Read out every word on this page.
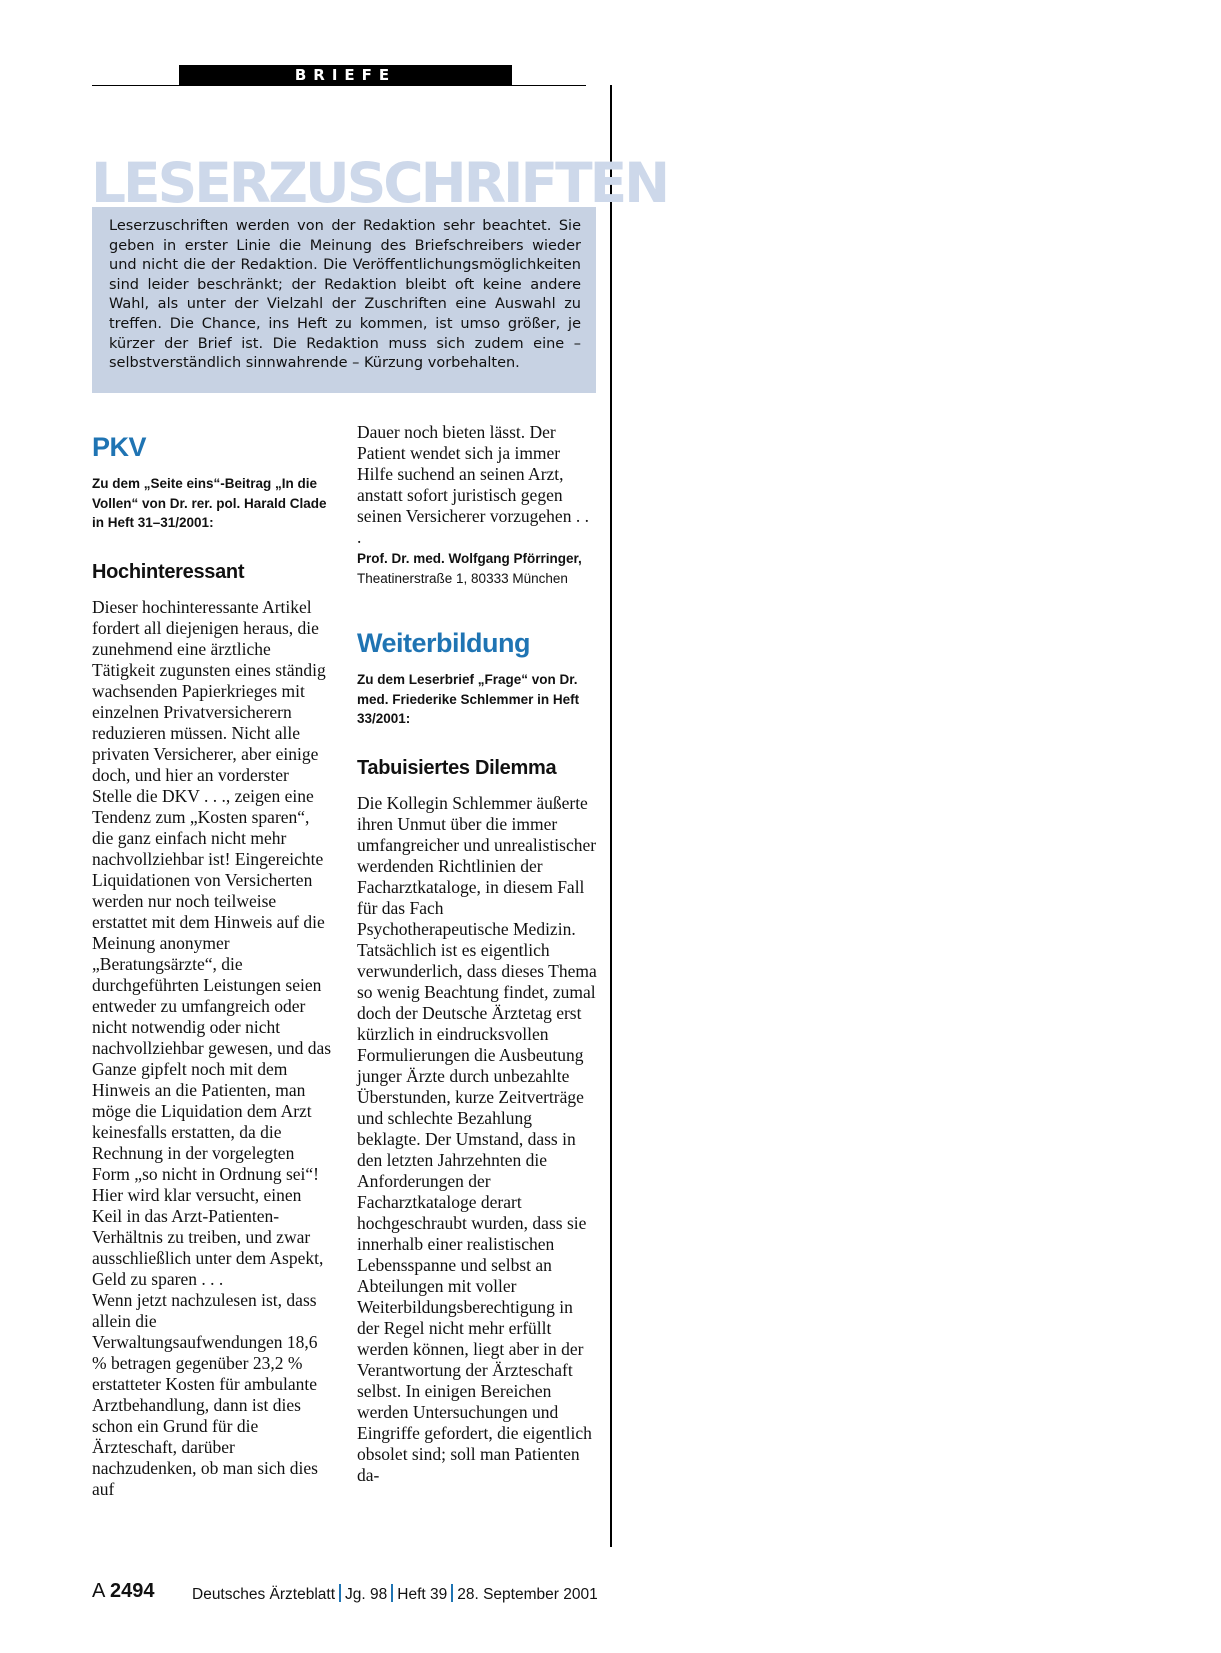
BRIEFE
LESERZUSCHRIFTEN
Leserzuschriften werden von der Redaktion sehr beachtet. Sie geben in erster Linie die Meinung des Briefschreibers wieder und nicht die der Redaktion. Die Veröffentlichungsmöglichkeiten sind leider beschränkt; der Redaktion bleibt oft keine andere Wahl, als unter der Vielzahl der Zuschriften eine Auswahl zu treffen. Die Chance, ins Heft zu kommen, ist umso größer, je kürzer der Brief ist. Die Redaktion muss sich zudem eine – selbstverständlich sinnwahrende – Kürzung vorbehalten.
PKV

Zu dem „Seite eins“-Beitrag „In die Vollen“ von Dr. rer. pol. Harald Clade in Heft 31–31/2001:

Hochinteressant

Dieser hochinteressante Artikel fordert all diejenigen heraus, die zunehmend eine ärztliche Tätigkeit zugunsten eines ständig wachsenden Papierkrieges mit einzelnen Privatversicherern reduzieren müssen. Nicht alle privaten Versicherer, aber einige doch, und hier an vorderster Stelle die DKV . . ., zeigen eine Tendenz zum „Kosten sparen“, die ganz einfach nicht mehr nachvollziehbar ist! Eingereichte Liquidationen von Versicherten werden nur noch teilweise erstattet mit dem Hinweis auf die Meinung anonymer „Beratungsärzte“, die durchgeführten Leistungen seien entweder zu umfangreich oder nicht notwendig oder nicht nachvollziehbar gewesen, und das Ganze gipfelt noch mit dem Hinweis an die Patienten, man möge die Liquidation dem Arzt keinesfalls erstatten, da die Rechnung in der vorgelegten Form „so nicht in Ordnung sei“! Hier wird klar versucht, einen Keil in das Arzt-Patienten-Verhältnis zu treiben, und zwar ausschließlich unter dem Aspekt, Geld zu sparen . . .

Wenn jetzt nachzulesen ist, dass allein die Verwaltungsaufwendungen 18,6 % betragen gegenüber 23,2 % erstatteter Kosten für ambulante Arztbehandlung, dann ist dies schon ein Grund für die Ärzteschaft, darüber nachzudenken, ob man sich dies auf

Dauer noch bieten lässt. Der Patient wendet sich ja immer Hilfe suchend an seinen Arzt, anstatt sofort juristisch gegen seinen Versicherer vorzugehen . . .

Prof. Dr. med. Wolfgang Pförringer,

Theatinerstraße 1, 80333 München

Weiterbildung

Zu dem Leserbrief „Frage“ von Dr. med. Friederike Schlemmer in Heft 33/2001:

Tabuisiertes Dilemma

Die Kollegin Schlemmer äußerte ihren Unmut über die immer umfangreicher und unrealistischer werdenden Richtlinien der Facharztkataloge, in diesem Fall für das Fach Psychotherapeutische Medizin. Tatsächlich ist es eigentlich verwunderlich, dass dieses Thema so wenig Beachtung findet, zumal doch der Deutsche Ärztetag erst kürzlich in eindrucksvollen Formulierungen die Ausbeutung junger Ärzte durch unbezahlte Überstunden, kurze Zeitverträge und schlechte Bezahlung beklagte. Der Umstand, dass in den letzten Jahrzehnten die Anforderungen der Facharztkataloge derart hochgeschraubt wurden, dass sie innerhalb einer realistischen Lebensspanne und selbst an Abteilungen mit voller Weiterbildungsberechtigung in der Regel nicht mehr erfüllt werden können, liegt aber in der Verantwortung der Ärzteschaft selbst. In einigen Bereichen werden Untersuchungen und Eingriffe gefordert, die eigentlich obsolet sind; soll man Patienten da-

A 2494 Deutsches Ärzteblatt Jg. 98 Heft 39 28. September 2001
